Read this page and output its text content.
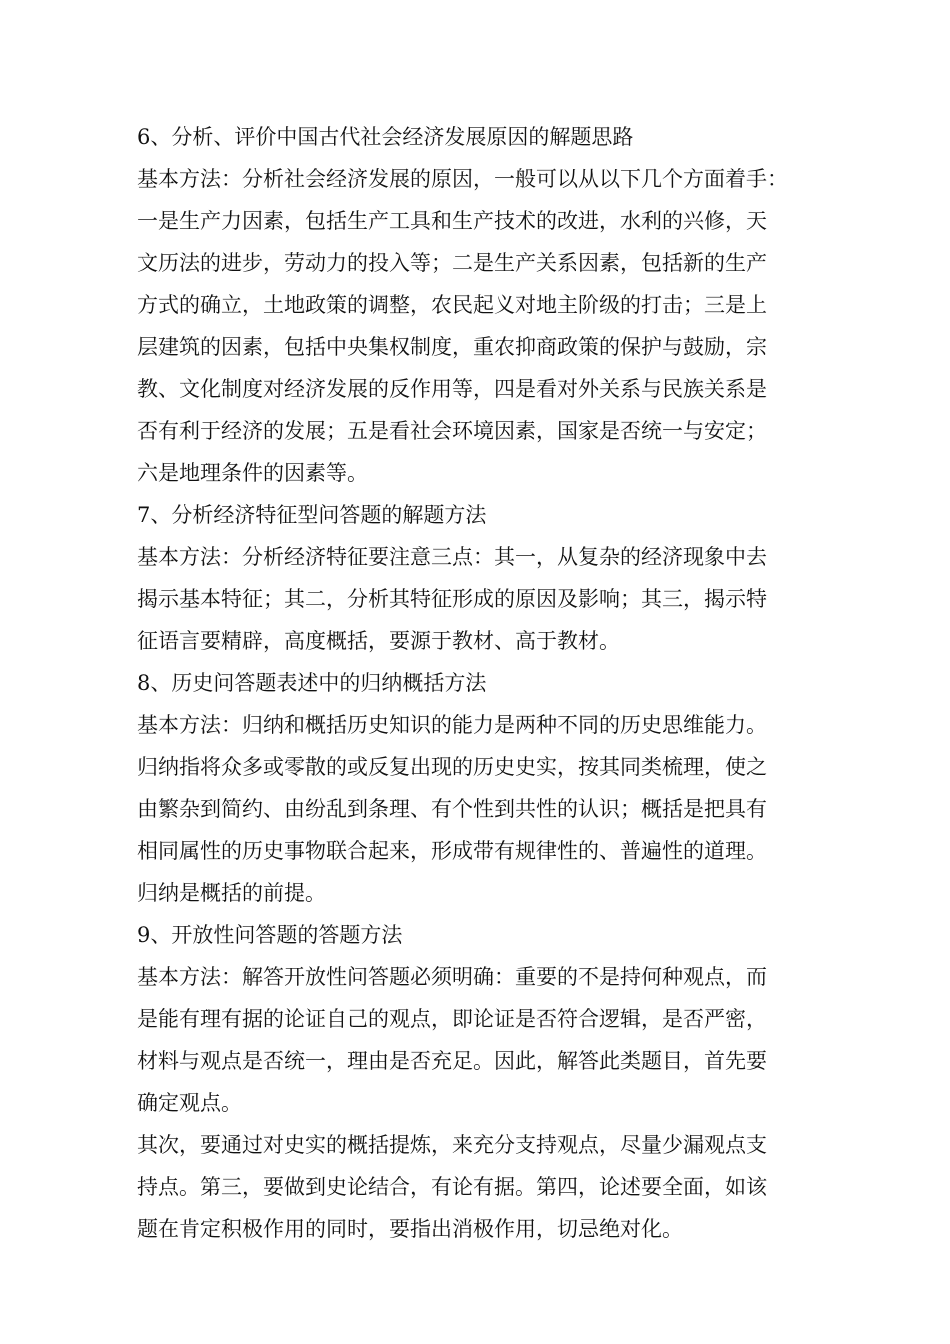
6、分析、评价中国古代社会经济发展原因的解题思路
基本方法：分析社会经济发展的原因，一般可以从以下几个方面着手：
一是生产力因素，包括生产工具和生产技术的改进，水利的兴修，天
文历法的进步，劳动力的投入等；二是生产关系因素，包括新的生产
方式的确立，土地政策的调整，农民起义对地主阶级的打击；三是上
层建筑的因素，包括中央集权制度，重农抑商政策的保护与鼓励，宗
教、文化制度对经济发展的反作用等，四是看对外关系与民族关系是
否有利于经济的发展；五是看社会环境因素，国家是否统一与安定；
六是地理条件的因素等。
7、分析经济特征型问答题的解题方法
基本方法：分析经济特征要注意三点：其一，从复杂的经济现象中去
揭示基本特征；其二，分析其特征形成的原因及影响；其三，揭示特
征语言要精辟，高度概括，要源于教材、高于教材。
8、历史问答题表述中的归纳概括方法
基本方法：归纳和概括历史知识的能力是两种不同的历史思维能力。
归纳指将众多或零散的或反复出现的历史史实，按其同类梳理，使之
由繁杂到简约、由纷乱到条理、有个性到共性的认识；概括是把具有
相同属性的历史事物联合起来，形成带有规律性的、普遍性的道理。
归纳是概括的前提。
9、开放性问答题的答题方法
基本方法：解答开放性问答题必须明确：重要的不是持何种观点，而
是能有理有据的论证自己的观点，即论证是否符合逻辑，是否严密，
材料与观点是否统一，理由是否充足。因此，解答此类题目，首先要
确定观点。
其次，要通过对史实的概括提炼，来充分支持观点，尽量少漏观点支
持点。第三，要做到史论结合，有论有据。第四，论述要全面，如该
题在肯定积极作用的同时，要指出消极作用，切忌绝对化。
